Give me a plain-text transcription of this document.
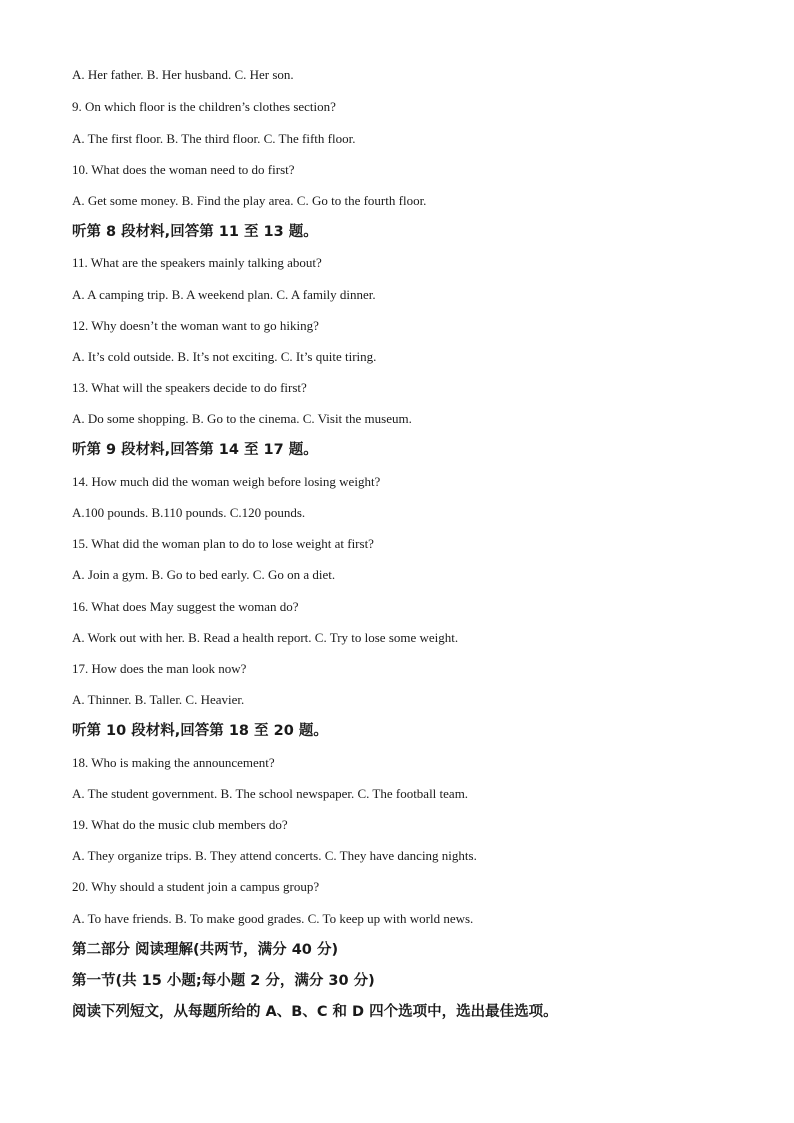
A. Her father. B. Her husband. C. Her son.
9. On which floor is the children’s clothes section?
A. The first floor. B. The third floor. C. The fifth floor.
10. What does the woman need to do first?
A. Get some money. B. Find the play area. C. Go to the fourth floor.
听第 8 段材料,回答第 11 至 13 题。
11. What are the speakers mainly talking about?
A. A camping trip. B. A weekend plan. C. A family dinner.
12. Why doesn’t the woman want to go hiking?
A. It’s cold outside. B. It’s not exciting. C. It’s quite tiring.
13. What will the speakers decide to do first?
A. Do some shopping. B. Go to the cinema. C. Visit the museum.
听第 9 段材料,回答第 14 至 17 题。
14. How much did the woman weigh before losing weight?
A.100 pounds. B.110 pounds. C.120 pounds.
15. What did the woman plan to do to lose weight at first?
A. Join a gym. B. Go to bed early. C. Go on a diet.
16. What does May suggest the woman do?
A. Work out with her. B. Read a health report. C. Try to lose some weight.
17. How does the man look now?
A. Thinner. B. Taller. C. Heavier.
听第 10 段材料,回答第 18 至 20 题。
18. Who is making the announcement?
A. The student government. B. The school newspaper. C. The football team.
19. What do the music club members do?
A. They organize trips. B. They attend concerts. C. They have dancing nights.
20. Why should a student join a campus group?
A. To have friends. B. To make good grades. C. To keep up with world news.
第二部分 阅读理解(共两节，满分 40 分)
第一节(共 15 小题;每小题 2 分，满分 30 分)
阅读下列短文，从每题所给的 A、B、C 和 D 四个选项中，选出最佳选项。
